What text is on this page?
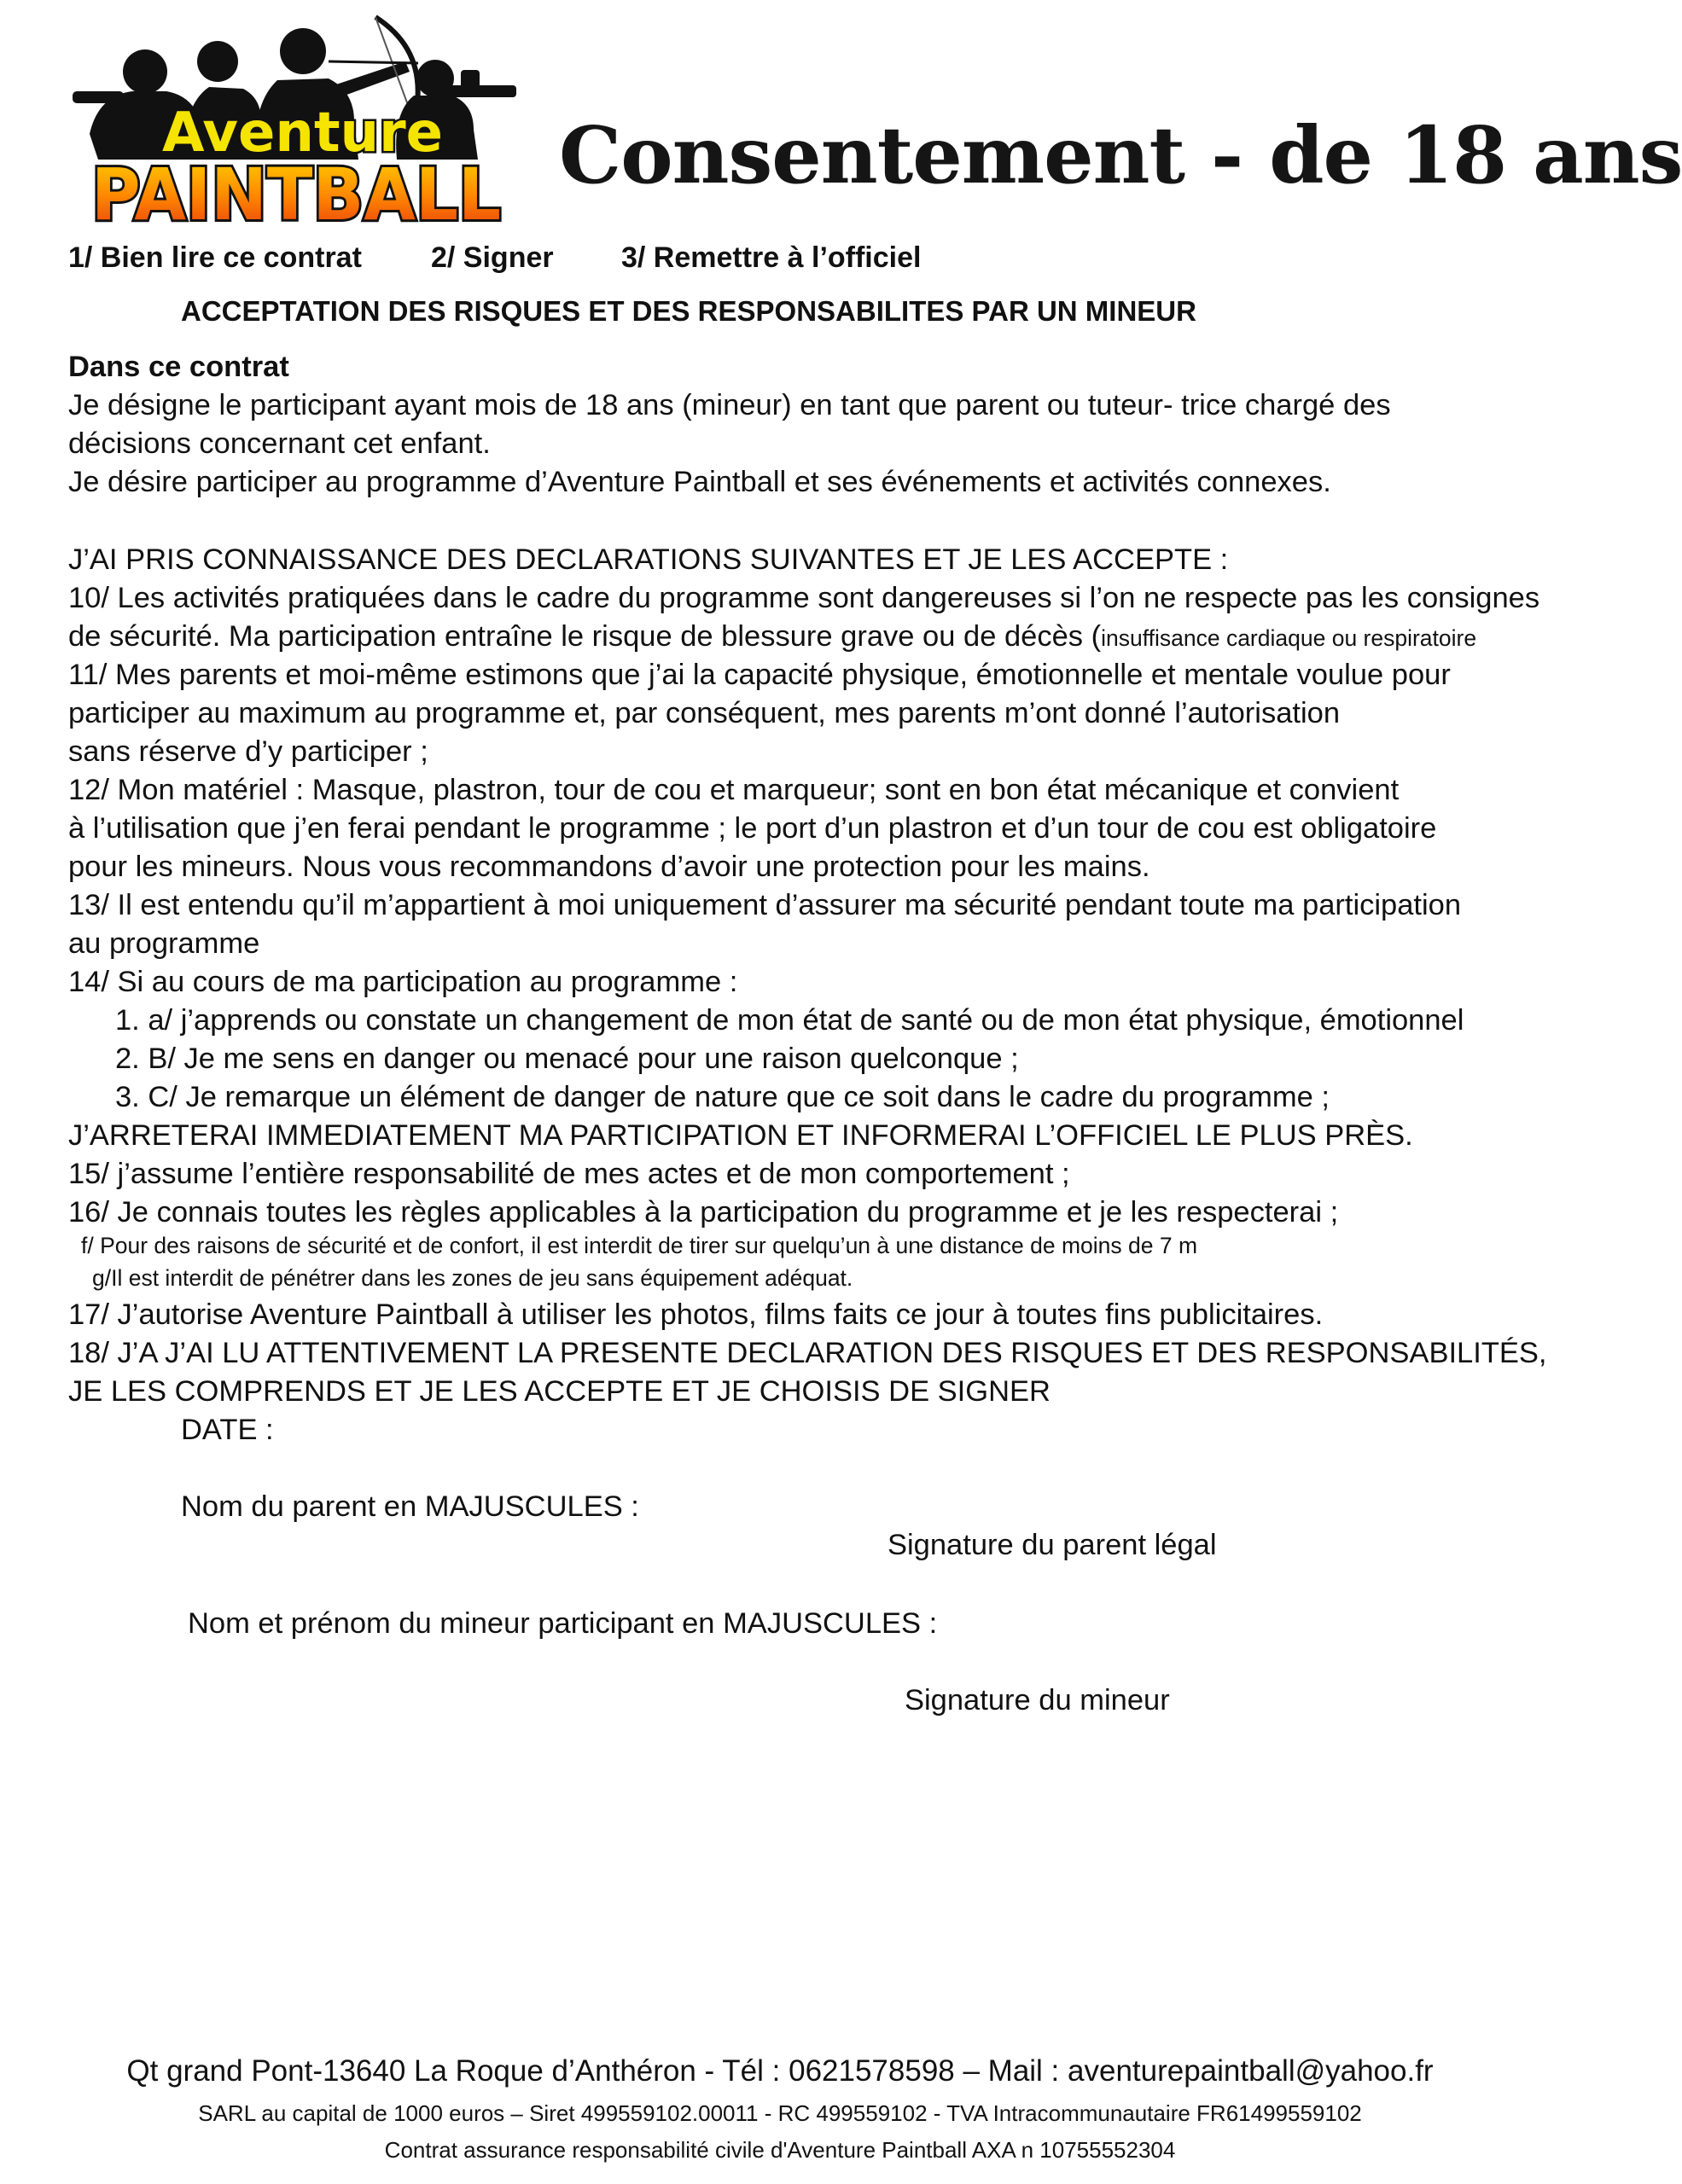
Aventure
PAINTBALL Consentement - de 18 ans
1/ Bien lire ce contrat 2/ Signer 3/ Remettre à l’officiel
ACCEPTATION DES RISQUES ET DES RESPONSABILITES PAR UN MINEUR
Dans ce contrat
Je désigne le participant ayant mois de 18 ans (mineur) en tant que parent ou tuteur- trice chargé des
décisions concernant cet enfant.
Je désire participer au programme d’Aventure Paintball et ses événements et activités connexes.
J’AI PRIS CONNAISSANCE DES DECLARATIONS SUIVANTES ET JE LES ACCEPTE :
10/ Les activités pratiquées dans le cadre du programme sont dangereuses si l’on ne respecte pas les consignes
de sécurité. Ma participation entraîne le risque de blessure grave ou de décès (insuffisance cardiaque ou respiratoire
11/ Mes parents et moi-même estimons que j’ai la capacité physique, émotionnelle et mentale voulue pour
participer au maximum au programme et, par conséquent, mes parents m’ont donné l’autorisation
sans réserve d’y participer ;
12/ Mon matériel : Masque, plastron, tour de cou et marqueur; sont en bon état mécanique et convient
à l’utilisation que j’en ferai pendant le programme ; le port d’un plastron et d’un tour de cou est obligatoire
pour les mineurs. Nous vous recommandons d’avoir une protection pour les mains.
13/ Il est entendu qu’il m’appartient à moi uniquement d’assurer ma sécurité pendant toute ma participation
au programme
14/ Si au cours de ma participation au programme :
1. a/ j’apprends ou constate un changement de mon état de santé ou de mon état physique, émotionnel
2. B/ Je me sens en danger ou menacé pour une raison quelconque ;
3. C/ Je remarque un élément de danger de nature que ce soit dans le cadre du programme ;
J’ARRETERAI IMMEDIATEMENT MA PARTICIPATION ET INFORMERAI L’OFFICIEL LE PLUS PRÈS.
15/ j’assume l’entière responsabilité de mes actes et de mon comportement ;
16/ Je connais toutes les règles applicables à la participation du programme et je les respecterai ;
f/ Pour des raisons de sécurité et de confort, il est interdit de tirer sur quelqu’un à une distance de moins de 7 m
g/Il est interdit de pénétrer dans les zones de jeu sans équipement adéquat.
17/ J’autorise Aventure Paintball à utiliser les photos, films faits ce jour à toutes fins publicitaires.
18/ J’A J’AI LU ATTENTIVEMENT LA PRESENTE DECLARATION DES RISQUES ET DES RESPONSABILITÉS,
JE LES COMPRENDS ET JE LES ACCEPTE ET JE CHOISIS DE SIGNER
DATE :
Nom du parent en MAJUSCULES :
Signature du parent légal
Nom et prénom du mineur participant en MAJUSCULES :
Signature du mineur
Qt grand Pont-13640 La Roque d’Anthéron - Tél : 0621578598 – Mail : aventurepaintball@yahoo.fr
SARL au capital de 1000 euros – Siret 499559102.00011 - RC 499559102 - TVA Intracommunautaire FR61499559102
Contrat assurance responsabilité civile d'Aventure Paintball AXA n 10755552304
